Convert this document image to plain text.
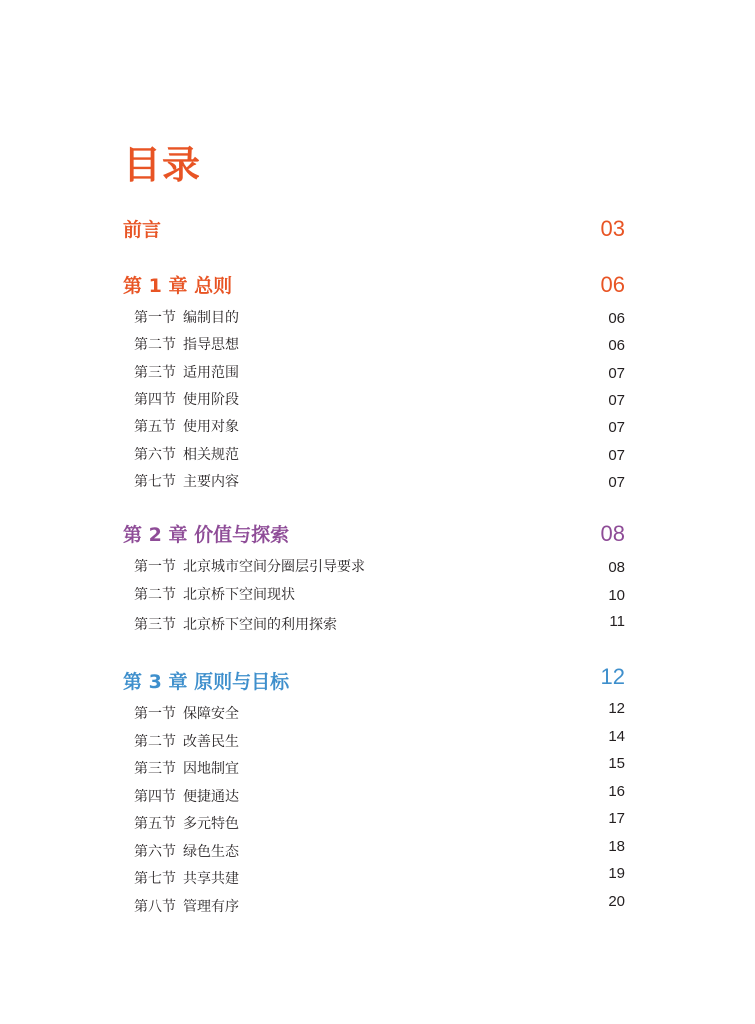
目录
前言	03
第 1 章 总则	06
第一节 编制目的	06
第二节 指导思想	06
第三节 适用范围	07
第四节 使用阶段	07
第五节 使用对象	07
第六节 相关规范	07
第七节 主要内容	07
第 2 章 价值与探索	08
第一节 北京城市空间分圈层引导要求	08
第二节 北京桥下空间现状	10
第三节 北京桥下空间的利用探索	11
第 3 章 原则与目标	12
第一节 保障安全	12
第二节 改善民生	14
第三节 因地制宜	15
第四节 便捷通达	16
第五节 多元特色	17
第六节 绿色生态	18
第七节 共享共建	19
第八节 管理有序	20
